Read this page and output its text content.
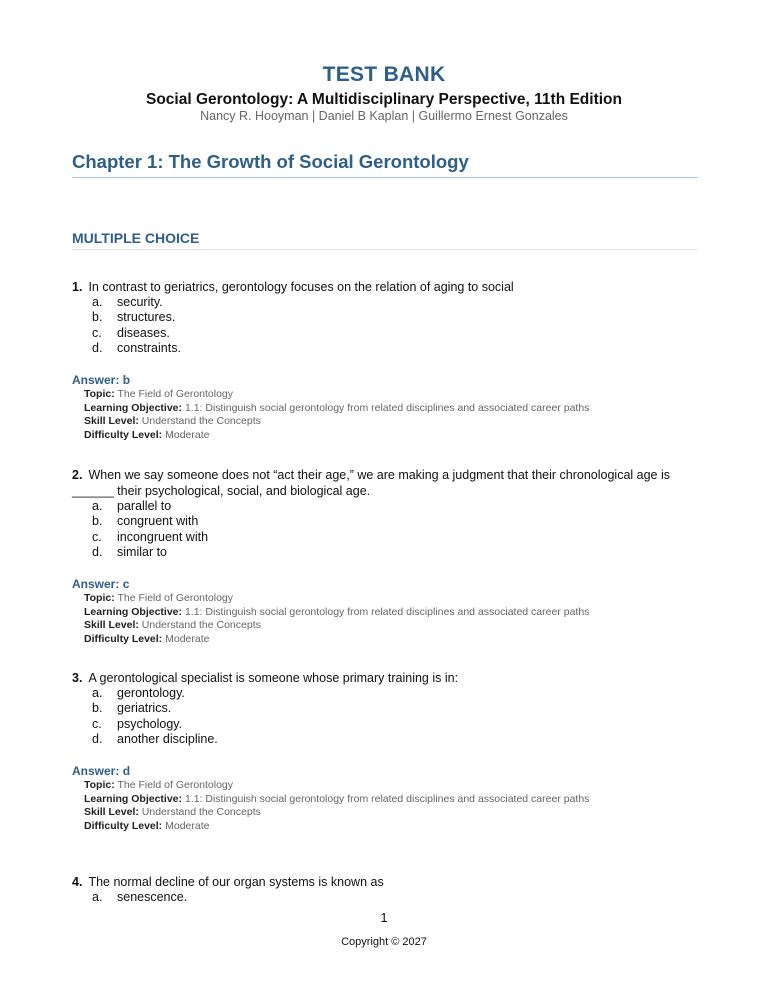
TEST BANK
Social Gerontology: A Multidisciplinary Perspective, 11th Edition
Nancy R. Hooyman | Daniel B Kaplan | Guillermo Ernest Gonzales
Chapter 1: The Growth of Social Gerontology
MULTIPLE CHOICE
1. In contrast to geriatrics, gerontology focuses on the relation of aging to social
a. security.
b. structures.
c. diseases.
d. constraints.
Answer: b
Topic: The Field of Gerontology
Learning Objective: 1.1: Distinguish social gerontology from related disciplines and associated career paths
Skill Level: Understand the Concepts
Difficulty Level: Moderate
2. When we say someone does not “act their age,” we are making a judgment that their chronological age is ______ their psychological, social, and biological age.
a. parallel to
b. congruent with
c. incongruent with
d. similar to
Answer: c
Topic: The Field of Gerontology
Learning Objective: 1.1: Distinguish social gerontology from related disciplines and associated career paths
Skill Level: Understand the Concepts
Difficulty Level: Moderate
3. A gerontological specialist is someone whose primary training is in:
a. gerontology.
b. geriatrics.
c. psychology.
d. another discipline.
Answer: d
Topic: The Field of Gerontology
Learning Objective: 1.1: Distinguish social gerontology from related disciplines and associated career paths
Skill Level: Understand the Concepts
Difficulty Level: Moderate
4. The normal decline of our organ systems is known as
a. senescence.
1
Copyright © 2027
